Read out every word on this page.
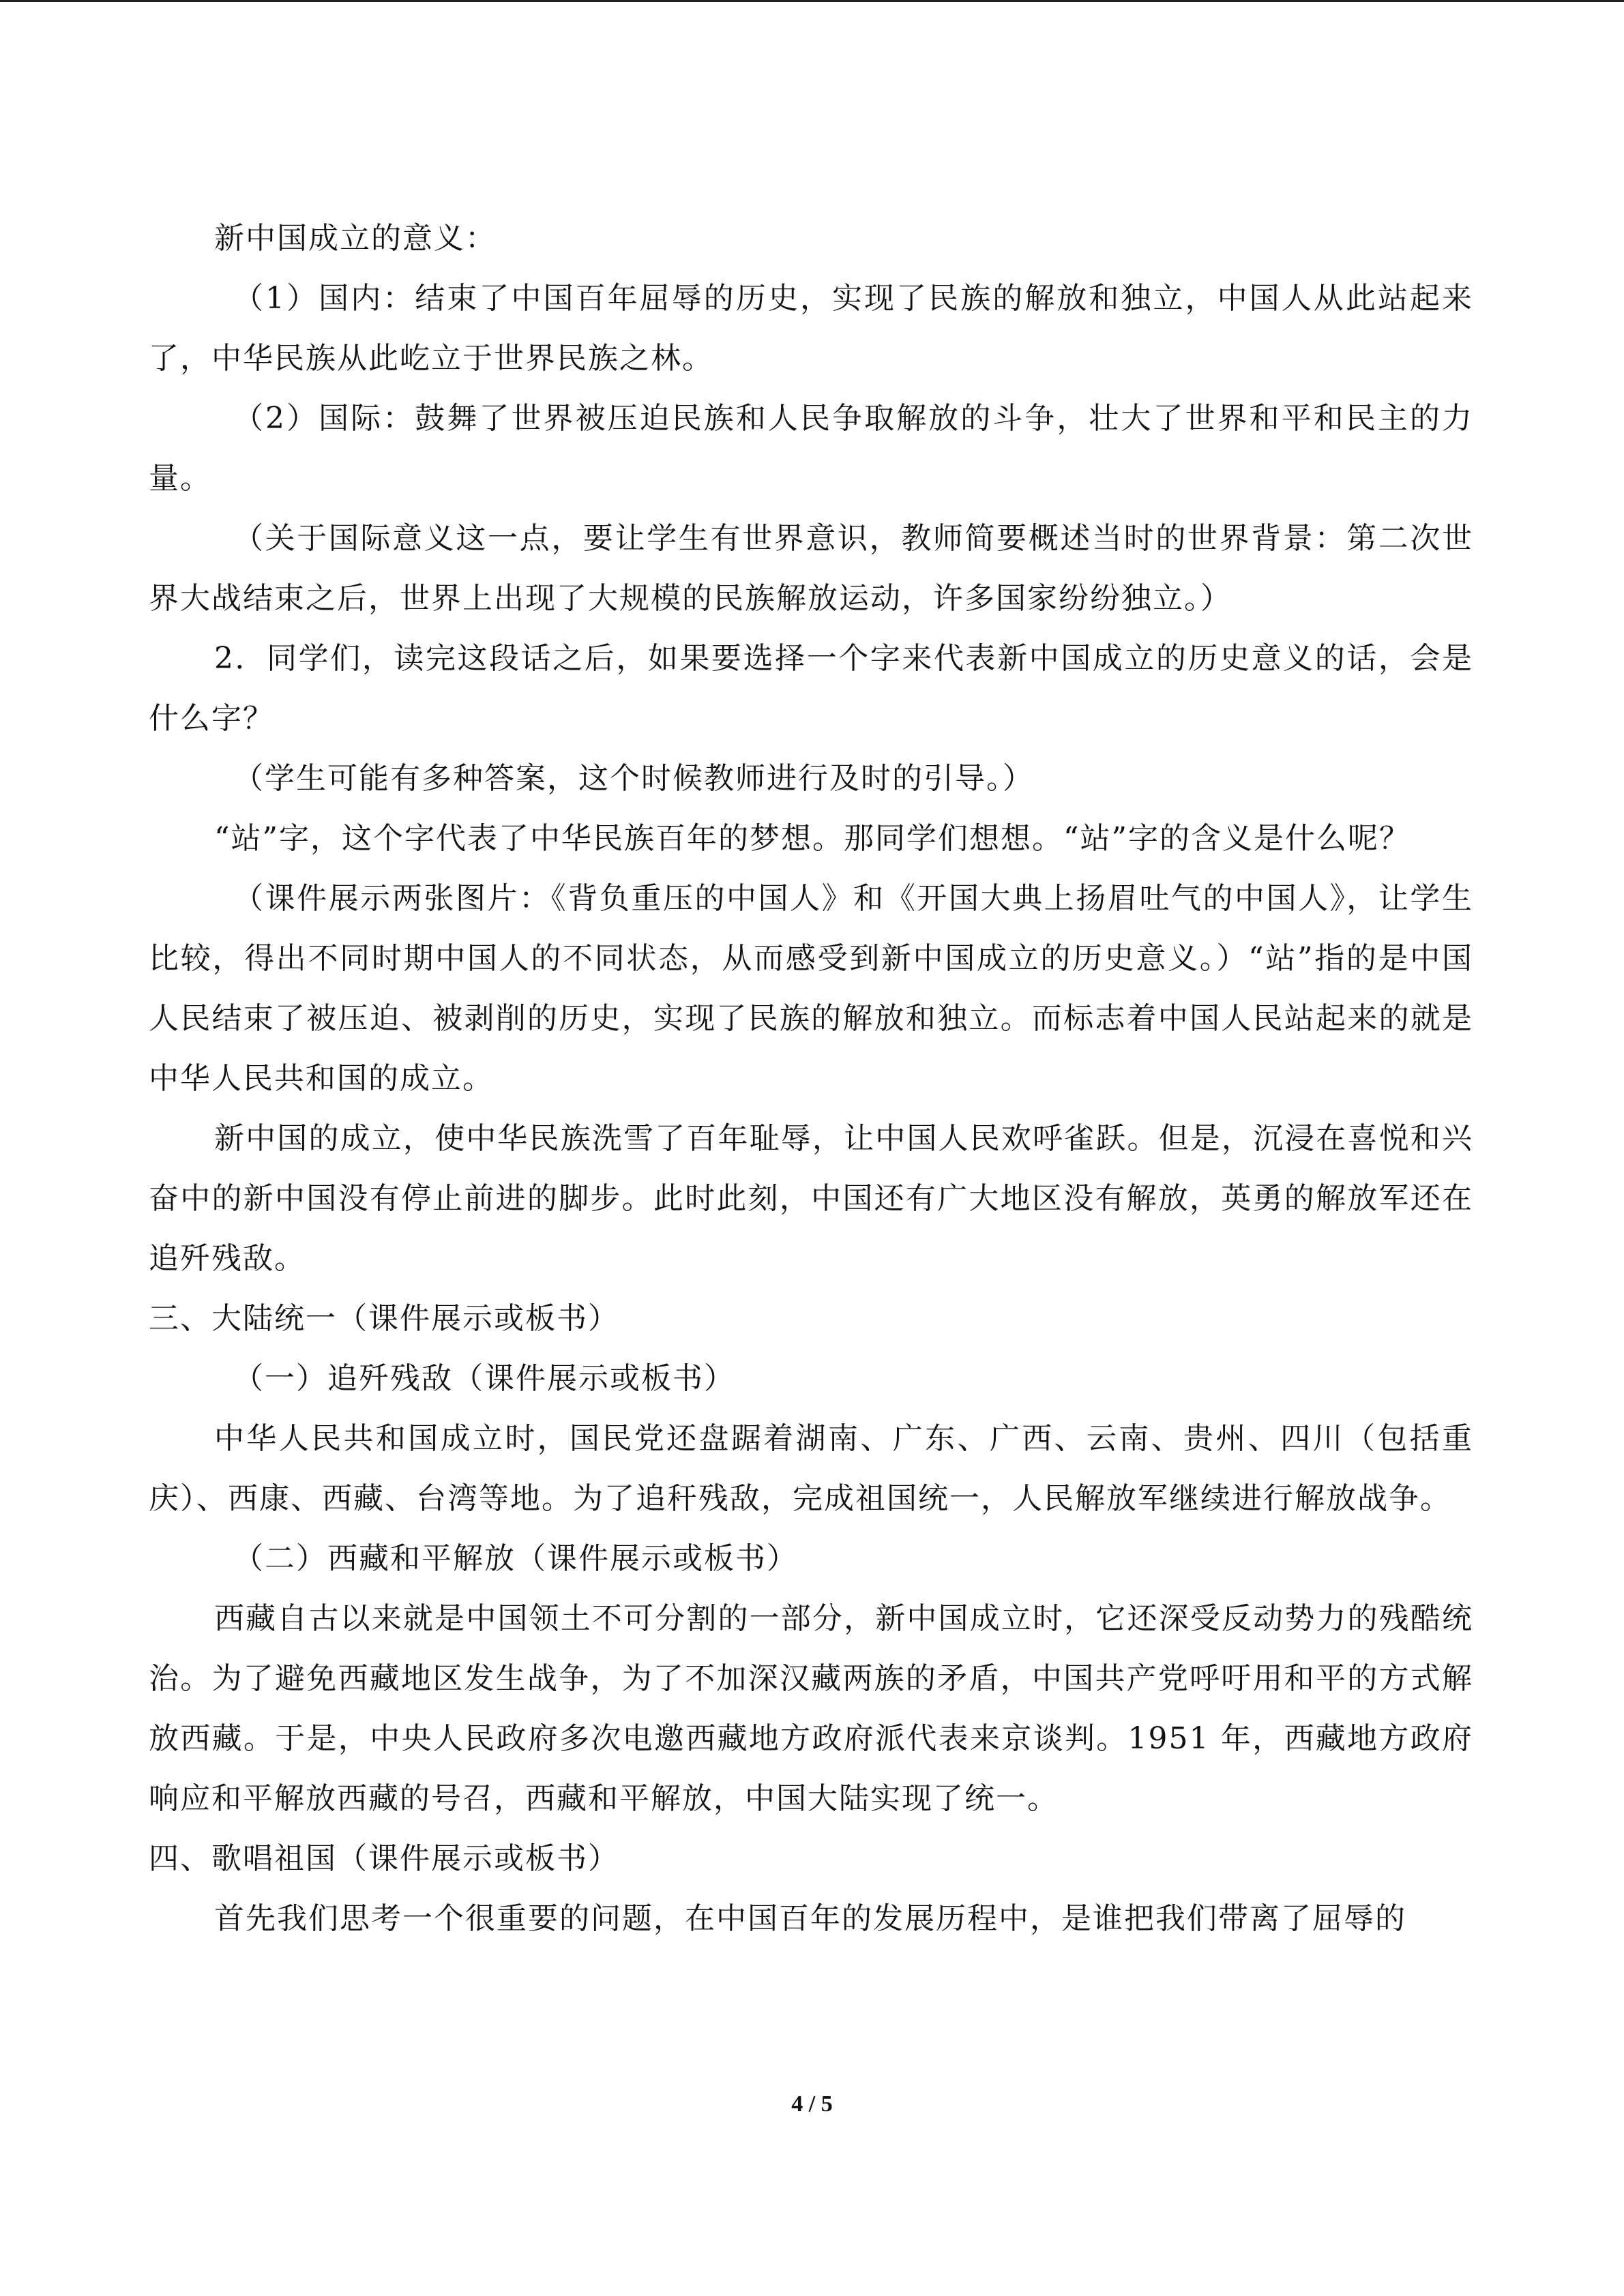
新中国成立的意义：

（1）国内：结束了中国百年屈辱的历史，实现了民族的解放和独立，中国人从此站起来了，中华民族从此屹立于世界民族之林。

（2）国际：鼓舞了世界被压迫民族和人民争取解放的斗争，壮大了世界和平和民主的力量。

（关于国际意义这一点，要让学生有世界意识，教师简要概述当时的世界背景：第二次世界大战结束之后，世界上出现了大规模的民族解放运动，许多国家纷纷独立。）

2．同学们，读完这段话之后，如果要选择一个字来代表新中国成立的历史意义的话，会是什么字？

（学生可能有多种答案，这个时候教师进行及时的引导。）

“站”字，这个字代表了中华民族百年的梦想。那同学们想想。“站”字的含义是什么呢？

（课件展示两张图片：《背负重压的中国人》和《开国大典上扬眉吐气的中国人》，让学生比较，得出不同时期中国人的不同状态，从而感受到新中国成立的历史意义。）“站”指的是中国人民结束了被压迫、被剥削的历史，实现了民族的解放和独立。而标志着中国人民站起来的就是中华人民共和国的成立。

新中国的成立，使中华民族洗雪了百年耻辱，让中国人民欢呼雀跃。但是，沉浸在喜悦和兴奋中的新中国没有停止前进的脚步。此时此刻，中国还有广大地区没有解放，英勇的解放军还在追歼残敌。

三、大陆统一（课件展示或板书）

（一）追歼残敌（课件展示或板书）

中华人民共和国成立时，国民党还盘踞着湖南、广东、广西、云南、贵州、四川（包括重庆）、西康、西藏、台湾等地。为了追秆残敌，完成祖国统一，人民解放军继续进行解放战争。

（二）西藏和平解放（课件展示或板书）

西藏自古以来就是中国领土不可分割的一部分，新中国成立时，它还深受反动势力的残酷统治。为了避免西藏地区发生战争，为了不加深汉藏两族的矛盾，中国共产党呼吁用和平的方式解放西藏。于是，中央人民政府多次电邀西藏地方政府派代表来京谈判。1951 年，西藏地方政府响应和平解放西藏的号召，西藏和平解放，中国大陆实现了统一。

四、歌唱祖国（课件展示或板书）

首先我们思考一个很重要的问题，在中国百年的发展历程中，是谁把我们带离了屈辱的

4 / 5
